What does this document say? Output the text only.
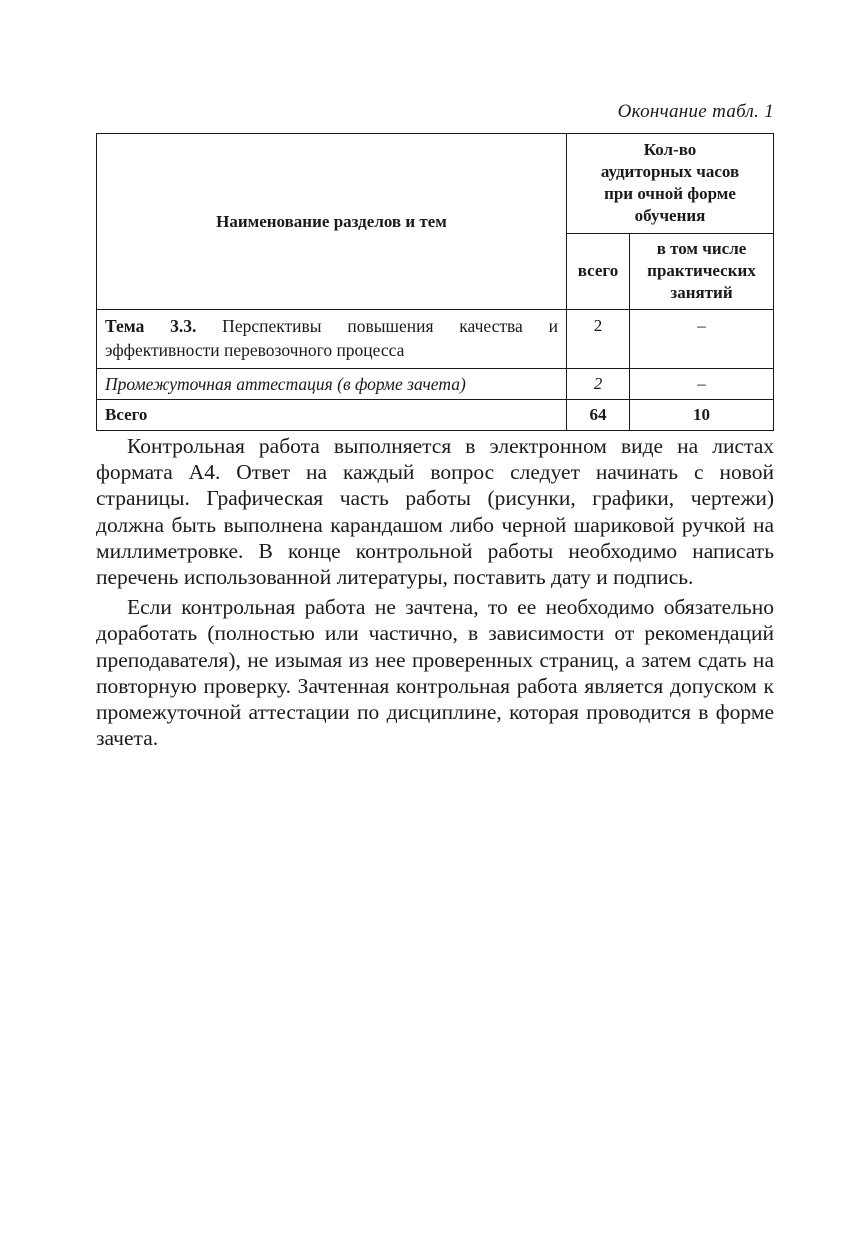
Окончание табл. 1
Наименование разделов и тем	Кол-во
аудиторных часов
при очной форме
обучения	

	всего	в том числе
практических
занятий

Тема 3.3. Перспективы повышения качества и эффективности перевозочного процесса	2	–
Промежуточная аттестация (в форме зачета)	2	–
Всего	64	10

Контрольная работа выполняется в электронном виде на листах формата А4. Ответ на каждый вопрос следует начинать с новой страницы. Графическая часть работы (рисунки, графики, чертежи) должна быть выполнена карандашом либо черной шариковой ручкой на миллиметровке. В конце контрольной работы необходимо написать перечень использованной литературы, поставить дату и подпись.

Если контрольная работа не зачтена, то ее необходимо обязательно доработать (полностью или частично, в зависимости от рекомендаций преподавателя), не изымая из нее проверенных страниц, а затем сдать на повторную проверку. Зачтенная контрольная работа является допуском к промежуточной аттестации по дисциплине, которая проводится в форме зачета.
